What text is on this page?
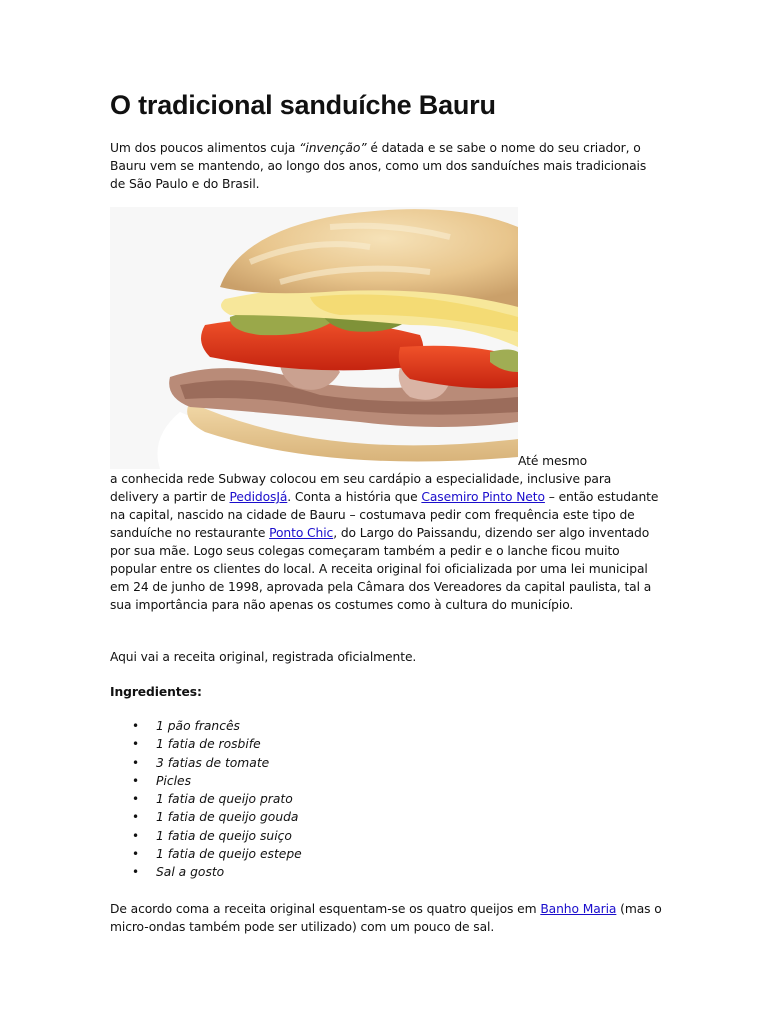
O tradicional sanduíche Bauru

Um dos poucos alimentos cuja “invenção” é datada e se sabe o nome do seu criador, o Bauru vem se mantendo, ao longo dos anos, como um dos sanduíches mais tradicionais de São Paulo e do Brasil.

Até mesmo

a conhecida rede Subway colocou em seu cardápio a especialidade, inclusive para delivery a partir de PedidosJá. Conta a história que Casemiro Pinto Neto – então estudante na capital, nascido na cidade de Bauru – costumava pedir com frequência este tipo de sanduíche no restaurante Ponto Chic, do Largo do Paissandu, dizendo ser algo inventado por sua mãe. Logo seus colegas começaram também a pedir e o lanche ficou muito popular entre os clientes do local. A receita original foi oficializada por uma lei municipal em 24 de junho de 1998, aprovada pela Câmara dos Vereadores da capital paulista, tal a sua importância para não apenas os costumes como à cultura do município.

Aqui vai a receita original, registrada oficialmente.

Ingredientes:

• 1 pão francês
• 1 fatia de rosbife
• 3 fatias de tomate
• Picles
• 1 fatia de queijo prato
• 1 fatia de queijo gouda
• 1 fatia de queijo suiço
• 1 fatia de queijo estepe
• Sal a gosto

De acordo coma a receita original esquentam-se os quatro queijos em Banho Maria (mas o micro-ondas também pode ser utilizado) com um pouco de sal.
